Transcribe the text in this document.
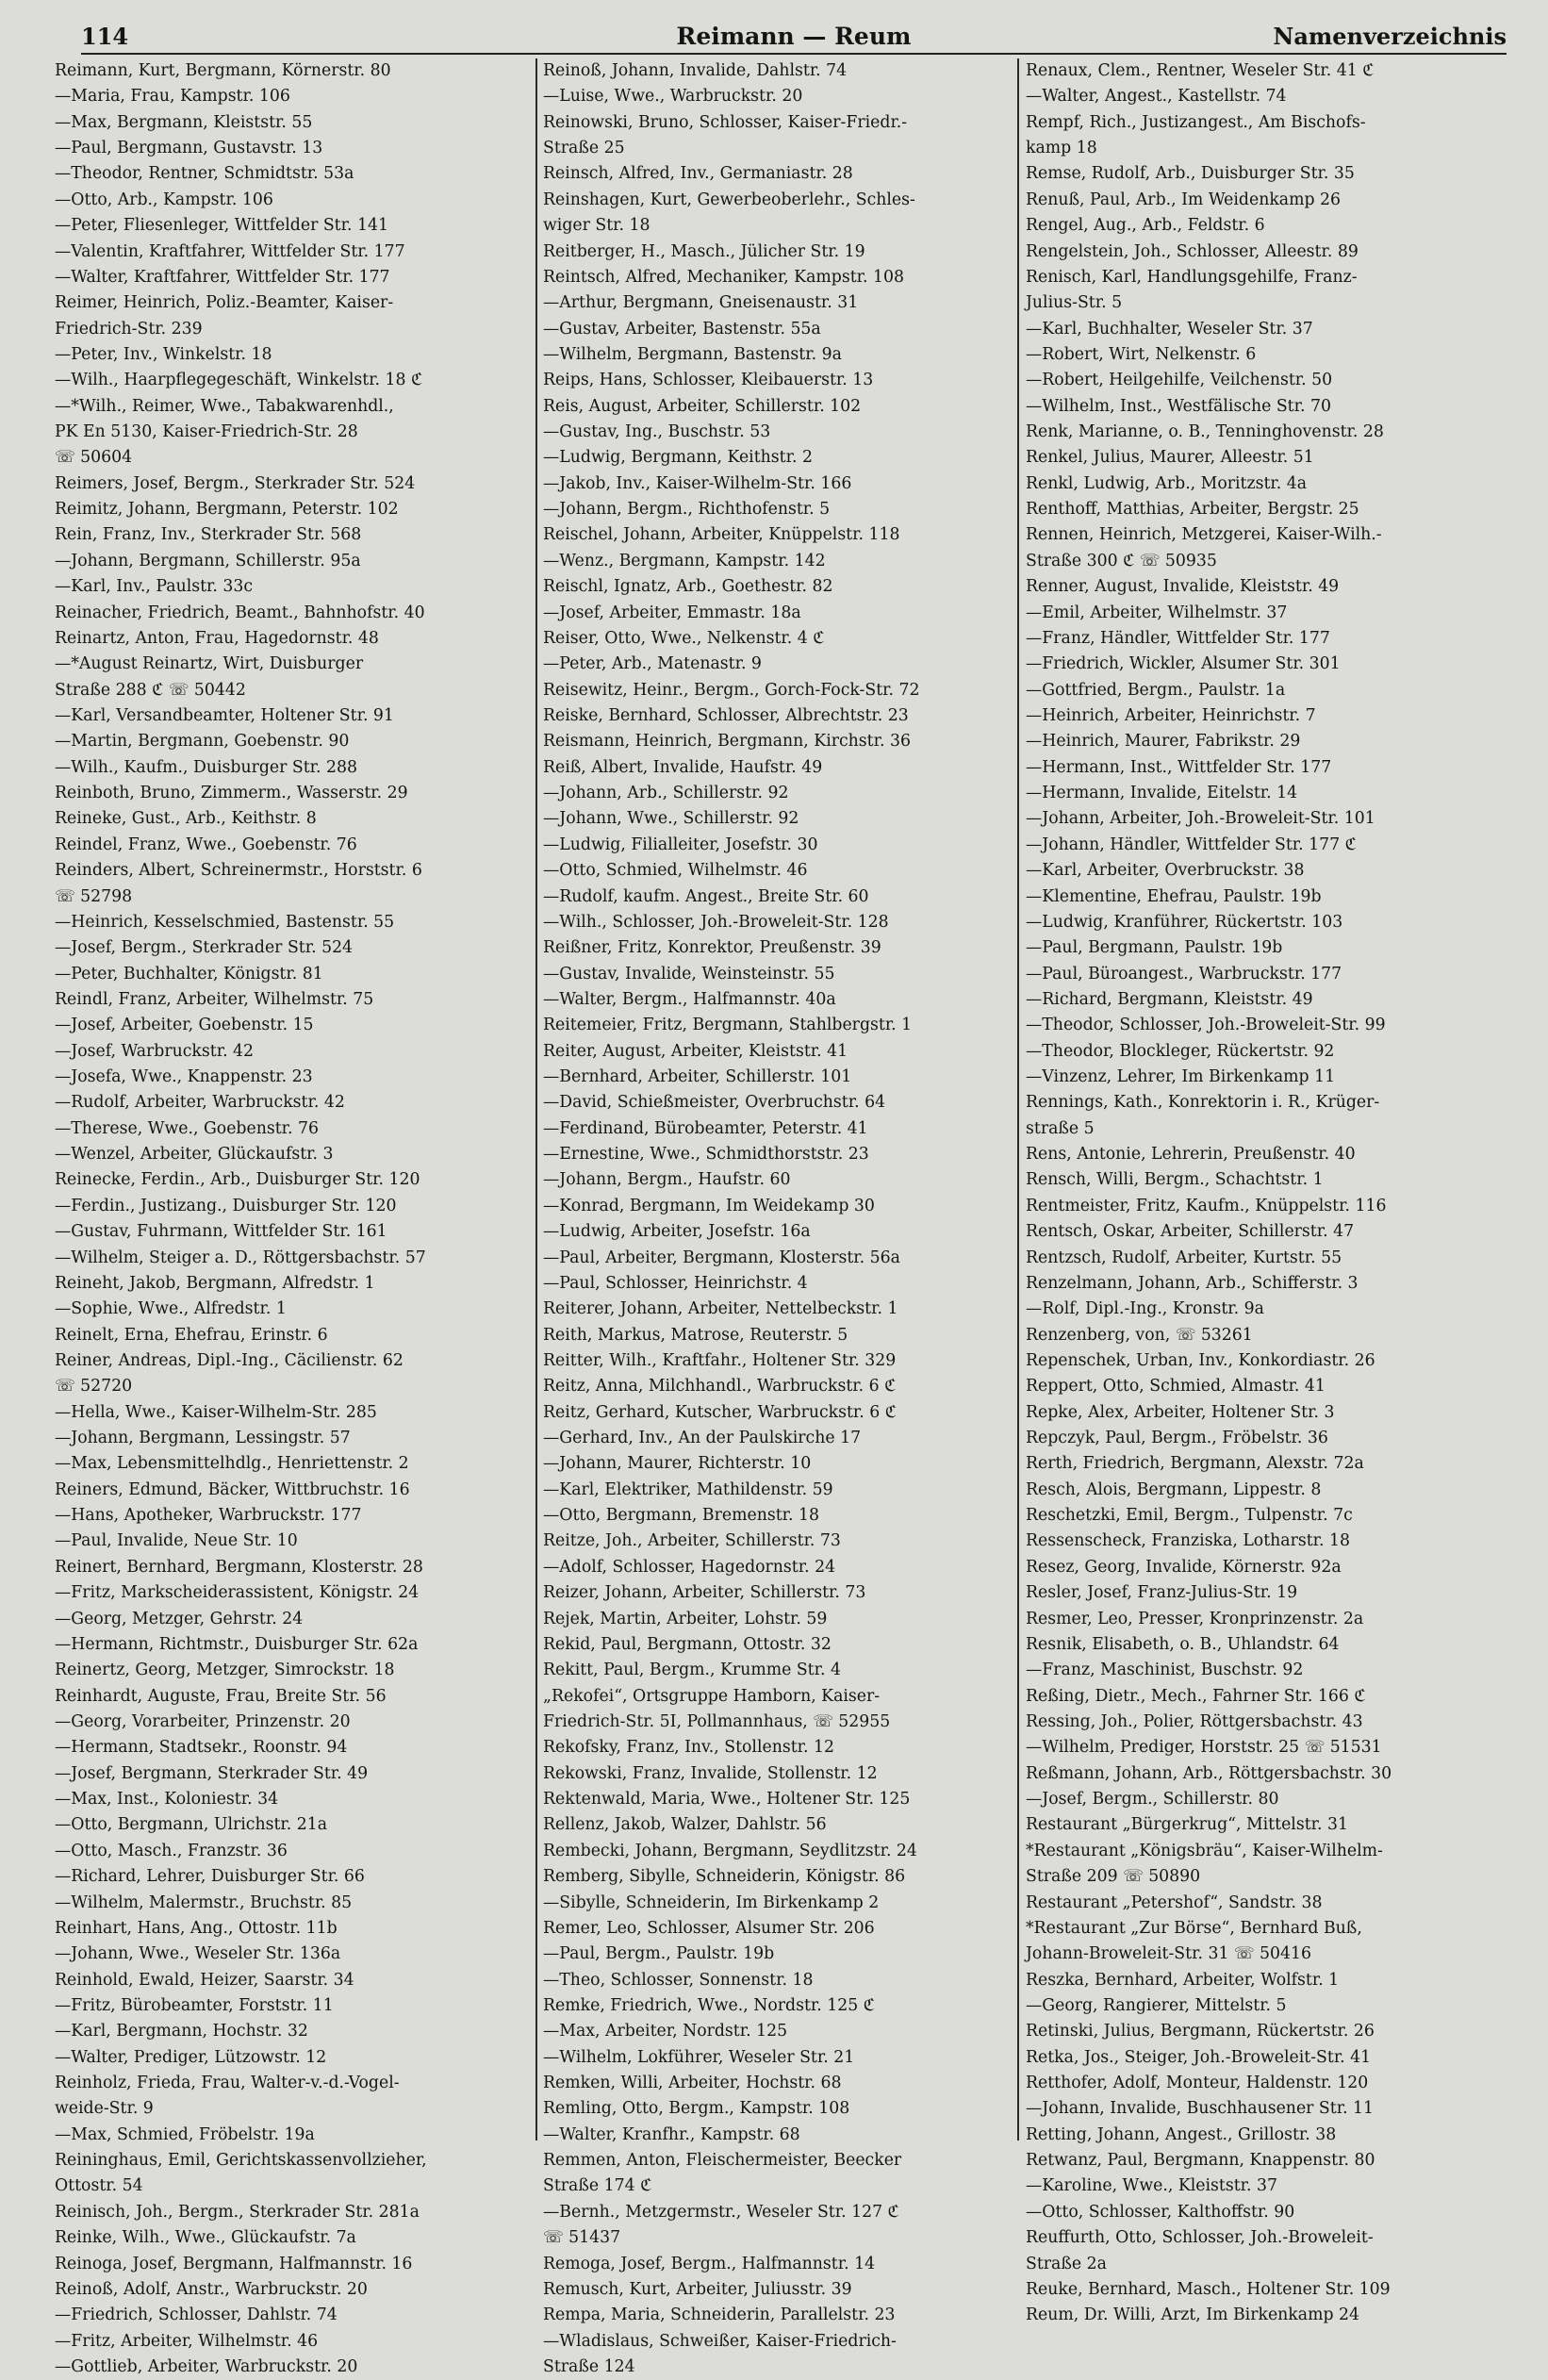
Reimann — Reum
114	Namenverzeichnis
Reimann, Kurt, Bergmann, Körnerstr. 80
—Maria, Frau, Kampstr. 106
—Max, Bergmann, Kleiststr. 55
—Paul, Bergmann, Gustavstr. 13
—Theodor, Rentner, Schmidtstr. 53a
—Otto, Arb., Kampstr. 106
—Peter, Fliesenleger, Wittfelder Str. 141
—Valentin, Kraftfahrer, Wittfelder Str. 177
—Walter, Kraftfahrer, Wittfelder Str. 177
Reimer, Heinrich, Poliz.-Beamter, Kaiser-
Friedrich-Str. 239
—Peter, Inv., Winkelstr. 18
—Wilh., Haarpflegegeschäft, Winkelstr. 18 ℭ
—*Wilh., Reimer, Wwe., Tabakwarenhdl.,
PK En 5130, Kaiser-Friedrich-Str. 28
☏ 50604
Reimers, Josef, Bergm., Sterkrader Str. 524
Reimitz, Johann, Bergmann, Peterstr. 102
Rein, Franz, Inv., Sterkrader Str. 568
—Johann, Bergmann, Schillerstr. 95a
—Karl, Inv., Paulstr. 33c
Reinacher, Friedrich, Beamt., Bahnhofstr. 40
Reinartz, Anton, Frau, Hagedornstr. 48
—*August Reinartz, Wirt, Duisburger
Straße 288 ℭ ☏ 50442
—Karl, Versandbeamter, Holtener Str. 91
—Martin, Bergmann, Goebenstr. 90
—Wilh., Kaufm., Duisburger Str. 288
Reinboth, Bruno, Zimmerm., Wasserstr. 29
Reineke, Gust., Arb., Keithstr. 8
Reindel, Franz, Wwe., Goebenstr. 76
Reinders, Albert, Schreinermstr., Horststr. 6
☏ 52798
—Heinrich, Kesselschmied, Bastenstr. 55
—Josef, Bergm., Sterkrader Str. 524
—Peter, Buchhalter, Königstr. 81
Reindl, Franz, Arbeiter, Wilhelmstr. 75
—Josef, Arbeiter, Goebenstr. 15
—Josef, Warbruckstr. 42
—Josefa, Wwe., Knappenstr. 23
—Rudolf, Arbeiter, Warbruckstr. 42
—Therese, Wwe., Goebenstr. 76
—Wenzel, Arbeiter, Glückaufstr. 3
Reinecke, Ferdin., Arb., Duisburger Str. 120
—Ferdin., Justizang., Duisburger Str. 120
—Gustav, Fuhrmann, Wittfelder Str. 161
—Wilhelm, Steiger a. D., Röttgersbachstr. 57
Reineht, Jakob, Bergmann, Alfredstr. 1
—Sophie, Wwe., Alfredstr. 1
Reinelt, Erna, Ehefrau, Erinstr. 6
Reiner, Andreas, Dipl.-Ing., Cäcilienstr. 62
☏ 52720
—Hella, Wwe., Kaiser-Wilhelm-Str. 285
—Johann, Bergmann, Lessingstr. 57
—Max, Lebensmittelhdlg., Henriettenstr. 2
Reiners, Edmund, Bäcker, Wittbruchstr. 16
—Hans, Apotheker, Warbruckstr. 177
—Paul, Invalide, Neue Str. 10
Reinert, Bernhard, Bergmann, Klosterstr. 28
—Fritz, Markscheiderassistent, Königstr. 24
—Georg, Metzger, Gehrstr. 24
—Hermann, Richtmstr., Duisburger Str. 62a
Reinertz, Georg, Metzger, Simrockstr. 18
Reinhardt, Auguste, Frau, Breite Str. 56
—Georg, Vorarbeiter, Prinzenstr. 20
—Hermann, Stadtsekr., Roonstr. 94
—Josef, Bergmann, Sterkrader Str. 49
—Max, Inst., Koloniestr. 34
—Otto, Bergmann, Ulrichstr. 21a
—Otto, Masch., Franzstr. 36
—Richard, Lehrer, Duisburger Str. 66
—Wilhelm, Malermstr., Bruchstr. 85
Reinhart, Hans, Ang., Ottostr. 11b
—Johann, Wwe., Weseler Str. 136a
Reinhold, Ewald, Heizer, Saarstr. 34
—Fritz, Bürobeamter, Forststr. 11
—Karl, Bergmann, Hochstr. 32
—Walter, Prediger, Lützowstr. 12
Reinholz, Frieda, Frau, Walter-v.-d.-Vogel-
weide-Str. 9
—Max, Schmied, Fröbelstr. 19a
Reininghaus, Emil, Gerichtskassenvollzieher,
Ottostr. 54
Reinisch, Joh., Bergm., Sterkrader Str. 281a
Reinke, Wilh., Wwe., Glückaufstr. 7a
Reinoga, Josef, Bergmann, Halfmannstr. 16
Reinoß, Adolf, Anstr., Warbruckstr. 20
—Friedrich, Schlosser, Dahlstr. 74
—Fritz, Arbeiter, Wilhelmstr. 46
—Gottlieb, Arbeiter, Warbruckstr. 20
Reinoß, Johann, Invalide, Dahlstr. 74
—Luise, Wwe., Warbruckstr. 20
Reinowski, Bruno, Schlosser, Kaiser-Friedr.-
Straße 25
Reinsch, Alfred, Inv., Germaniastr. 28
Reinshagen, Kurt, Gewerbeoberlehr., Schles-
wiger Str. 18
Reitberger, H., Masch., Jülicher Str. 19
Reintsch, Alfred, Mechaniker, Kampstr. 108
—Arthur, Bergmann, Gneisenaustr. 31
—Gustav, Arbeiter, Bastenstr. 55a
—Wilhelm, Bergmann, Bastenstr. 9a
Reips, Hans, Schlosser, Kleibauerstr. 13
Reis, August, Arbeiter, Schillerstr. 102
—Gustav, Ing., Buschstr. 53
—Ludwig, Bergmann, Keithstr. 2
—Jakob, Inv., Kaiser-Wilhelm-Str. 166
—Johann, Bergm., Richthofenstr. 5
Reischel, Johann, Arbeiter, Knüppelstr. 118
—Wenz., Bergmann, Kampstr. 142
Reischl, Ignatz, Arb., Goethestr. 82
—Josef, Arbeiter, Emmastr. 18a
Reiser, Otto, Wwe., Nelkenstr. 4 ℭ
—Peter, Arb., Matenastr. 9
Reisewitz, Heinr., Bergm., Gorch-Fock-Str. 72
Reiske, Bernhard, Schlosser, Albrechtstr. 23
Reismann, Heinrich, Bergmann, Kirchstr. 36
Reiß, Albert, Invalide, Haufstr. 49
—Johann, Arb., Schillerstr. 92
—Johann, Wwe., Schillerstr. 92
—Ludwig, Filialleiter, Josefstr. 30
—Otto, Schmied, Wilhelmstr. 46
—Rudolf, kaufm. Angest., Breite Str. 60
—Wilh., Schlosser, Joh.-Broweleit-Str. 128
Reißner, Fritz, Konrektor, Preußenstr. 39
—Gustav, Invalide, Weinsteinstr. 55
—Walter, Bergm., Halfmannstr. 40a
Reitemeier, Fritz, Bergmann, Stahlbergstr. 1
Reiter, August, Arbeiter, Kleiststr. 41
—Bernhard, Arbeiter, Schillerstr. 101
—David, Schießmeister, Overbruchstr. 64
—Ferdinand, Bürobeamter, Peterstr. 41
—Ernestine, Wwe., Schmidthorststr. 23
—Johann, Bergm., Haufstr. 60
—Konrad, Bergmann, Im Weidekamp 30
—Ludwig, Arbeiter, Josefstr. 16a
—Paul, Arbeiter, Bergmann, Klosterstr. 56a
—Paul, Schlosser, Heinrichstr. 4
Reiterer, Johann, Arbeiter, Nettelbeckstr. 1
Reith, Markus, Matrose, Reuterstr. 5
Reitter, Wilh., Kraftfahr., Holtener Str. 329
Reitz, Anna, Milchhandl., Warbruckstr. 6 ℭ
Reitz, Gerhard, Kutscher, Warbruckstr. 6 ℭ
—Gerhard, Inv., An der Paulskirche 17
—Johann, Maurer, Richterstr. 10
—Karl, Elektriker, Mathildenstr. 59
—Otto, Bergmann, Bremenstr. 18
Reitze, Joh., Arbeiter, Schillerstr. 73
—Adolf, Schlosser, Hagedornstr. 24
Reizer, Johann, Arbeiter, Schillerstr. 73
Rejek, Martin, Arbeiter, Lohstr. 59
Rekid, Paul, Bergmann, Ottostr. 32
Rekitt, Paul, Bergm., Krumme Str. 4
„Rekofei“, Ortsgruppe Hamborn, Kaiser-
Friedrich-Str. 5I, Pollmannhaus, ☏ 52955
Rekofsky, Franz, Inv., Stollenstr. 12
Rekowski, Franz, Invalide, Stollenstr. 12
Rektenwald, Maria, Wwe., Holtener Str. 125
Rellenz, Jakob, Walzer, Dahlstr. 56
Rembecki, Johann, Bergmann, Seydlitzstr. 24
Remberg, Sibylle, Schneiderin, Königstr. 86
—Sibylle, Schneiderin, Im Birkenkamp 2
Remer, Leo, Schlosser, Alsumer Str. 206
—Paul, Bergm., Paulstr. 19b
—Theo, Schlosser, Sonnenstr. 18
Remke, Friedrich, Wwe., Nordstr. 125 ℭ
—Max, Arbeiter, Nordstr. 125
—Wilhelm, Lokführer, Weseler Str. 21
Remken, Willi, Arbeiter, Hochstr. 68
Remling, Otto, Bergm., Kampstr. 108
—Walter, Kranfhr., Kampstr. 68
Remmen, Anton, Fleischermeister, Beecker
Straße 174 ℭ
—Bernh., Metzgermstr., Weseler Str. 127 ℭ
☏ 51437
Remoga, Josef, Bergm., Halfmannstr. 14
Remusch, Kurt, Arbeiter, Juliusstr. 39
Rempa, Maria, Schneiderin, Parallelstr. 23
—Wladislaus, Schweißer, Kaiser-Friedrich-
Straße 124
Renaux, Clem., Rentner, Weseler Str. 41 ℭ
—Walter, Angest., Kastellstr. 74
Rempf, Rich., Justizangest., Am Bischofs-
kamp 18
Remse, Rudolf, Arb., Duisburger Str. 35
Renuß, Paul, Arb., Im Weidenkamp 26
Rengel, Aug., Arb., Feldstr. 6
Rengelstein, Joh., Schlosser, Alleestr. 89
Renisch, Karl, Handlungsgehilfe, Franz-
Julius-Str. 5
—Karl, Buchhalter, Weseler Str. 37
—Robert, Wirt, Nelkenstr. 6
—Robert, Heilgehilfe, Veilchenstr. 50
—Wilhelm, Inst., Westfälische Str. 70
Renk, Marianne, o. B., Tenninghovenstr. 28
Renkel, Julius, Maurer, Alleestr. 51
Renkl, Ludwig, Arb., Moritzstr. 4a
Renthoff, Matthias, Arbeiter, Bergstr. 25
Rennen, Heinrich, Metzgerei, Kaiser-Wilh.-
Straße 300 ℭ ☏ 50935
Renner, August, Invalide, Kleiststr. 49
—Emil, Arbeiter, Wilhelmstr. 37
—Franz, Händler, Wittfelder Str. 177
—Friedrich, Wickler, Alsumer Str. 301
—Gottfried, Bergm., Paulstr. 1a
—Heinrich, Arbeiter, Heinrichstr. 7
—Heinrich, Maurer, Fabrikstr. 29
—Hermann, Inst., Wittfelder Str. 177
—Hermann, Invalide, Eitelstr. 14
—Johann, Arbeiter, Joh.-Broweleit-Str. 101
—Johann, Händler, Wittfelder Str. 177 ℭ
—Karl, Arbeiter, Overbruckstr. 38
—Klementine, Ehefrau, Paulstr. 19b
—Ludwig, Kranführer, Rückertstr. 103
—Paul, Bergmann, Paulstr. 19b
—Paul, Büroangest., Warbruckstr. 177
—Richard, Bergmann, Kleiststr. 49
—Theodor, Schlosser, Joh.-Broweleit-Str. 99
—Theodor, Blockleger, Rückertstr. 92
—Vinzenz, Lehrer, Im Birkenkamp 11
Rennings, Kath., Konrektorin i. R., Krüger-
straße 5
Rens, Antonie, Lehrerin, Preußenstr. 40
Rensch, Willi, Bergm., Schachtstr. 1
Rentmeister, Fritz, Kaufm., Knüppelstr. 116
Rentsch, Oskar, Arbeiter, Schillerstr. 47
Rentzsch, Rudolf, Arbeiter, Kurtstr. 55
Renzelmann, Johann, Arb., Schifferstr. 3
—Rolf, Dipl.-Ing., Kronstr. 9a
Renzenberg, von, ☏ 53261
Repenschek, Urban, Inv., Konkordiastr. 26
Reppert, Otto, Schmied, Almastr. 41
Repke, Alex, Arbeiter, Holtener Str. 3
Repczyk, Paul, Bergm., Fröbelstr. 36
Rerth, Friedrich, Bergmann, Alexstr. 72a
Resch, Alois, Bergmann, Lippestr. 8
Reschetzki, Emil, Bergm., Tulpenstr. 7c
Ressenscheck, Franziska, Lotharstr. 18
Resez, Georg, Invalide, Körnerstr. 92a
Resler, Josef, Franz-Julius-Str. 19
Resmer, Leo, Presser, Kronprinzenstr. 2a
Resnik, Elisabeth, o. B., Uhlandstr. 64
—Franz, Maschinist, Buschstr. 92
Reßing, Dietr., Mech., Fahrner Str. 166 ℭ
Ressing, Joh., Polier, Röttgersbachstr. 43
—Wilhelm, Prediger, Horststr. 25 ☏ 51531
Reßmann, Johann, Arb., Röttgersbachstr. 30
—Josef, Bergm., Schillerstr. 80
Restaurant „Bürgerkrug“, Mittelstr. 31
*Restaurant „Königsbräu“, Kaiser-Wilhelm-
Straße 209 ☏ 50890
Restaurant „Petershof“, Sandstr. 38
*Restaurant „Zur Börse“, Bernhard Buß,
Johann-Broweleit-Str. 31 ☏ 50416
Reszka, Bernhard, Arbeiter, Wolfstr. 1
—Georg, Rangierer, Mittelstr. 5
Retinski, Julius, Bergmann, Rückertstr. 26
Retka, Jos., Steiger, Joh.-Broweleit-Str. 41
Retthofer, Adolf, Monteur, Haldenstr. 120
—Johann, Invalide, Buschhausener Str. 11
Retting, Johann, Angest., Grillostr. 38
Retwanz, Paul, Bergmann, Knappenstr. 80
—Karoline, Wwe., Kleiststr. 37
—Otto, Schlosser, Kalthoffstr. 90
Reuffurth, Otto, Schlosser, Joh.-Broweleit-
Straße 2a
Reuke, Bernhard, Masch., Holtener Str. 109
Reum, Dr. Willi, Arzt, Im Birkenkamp 24
